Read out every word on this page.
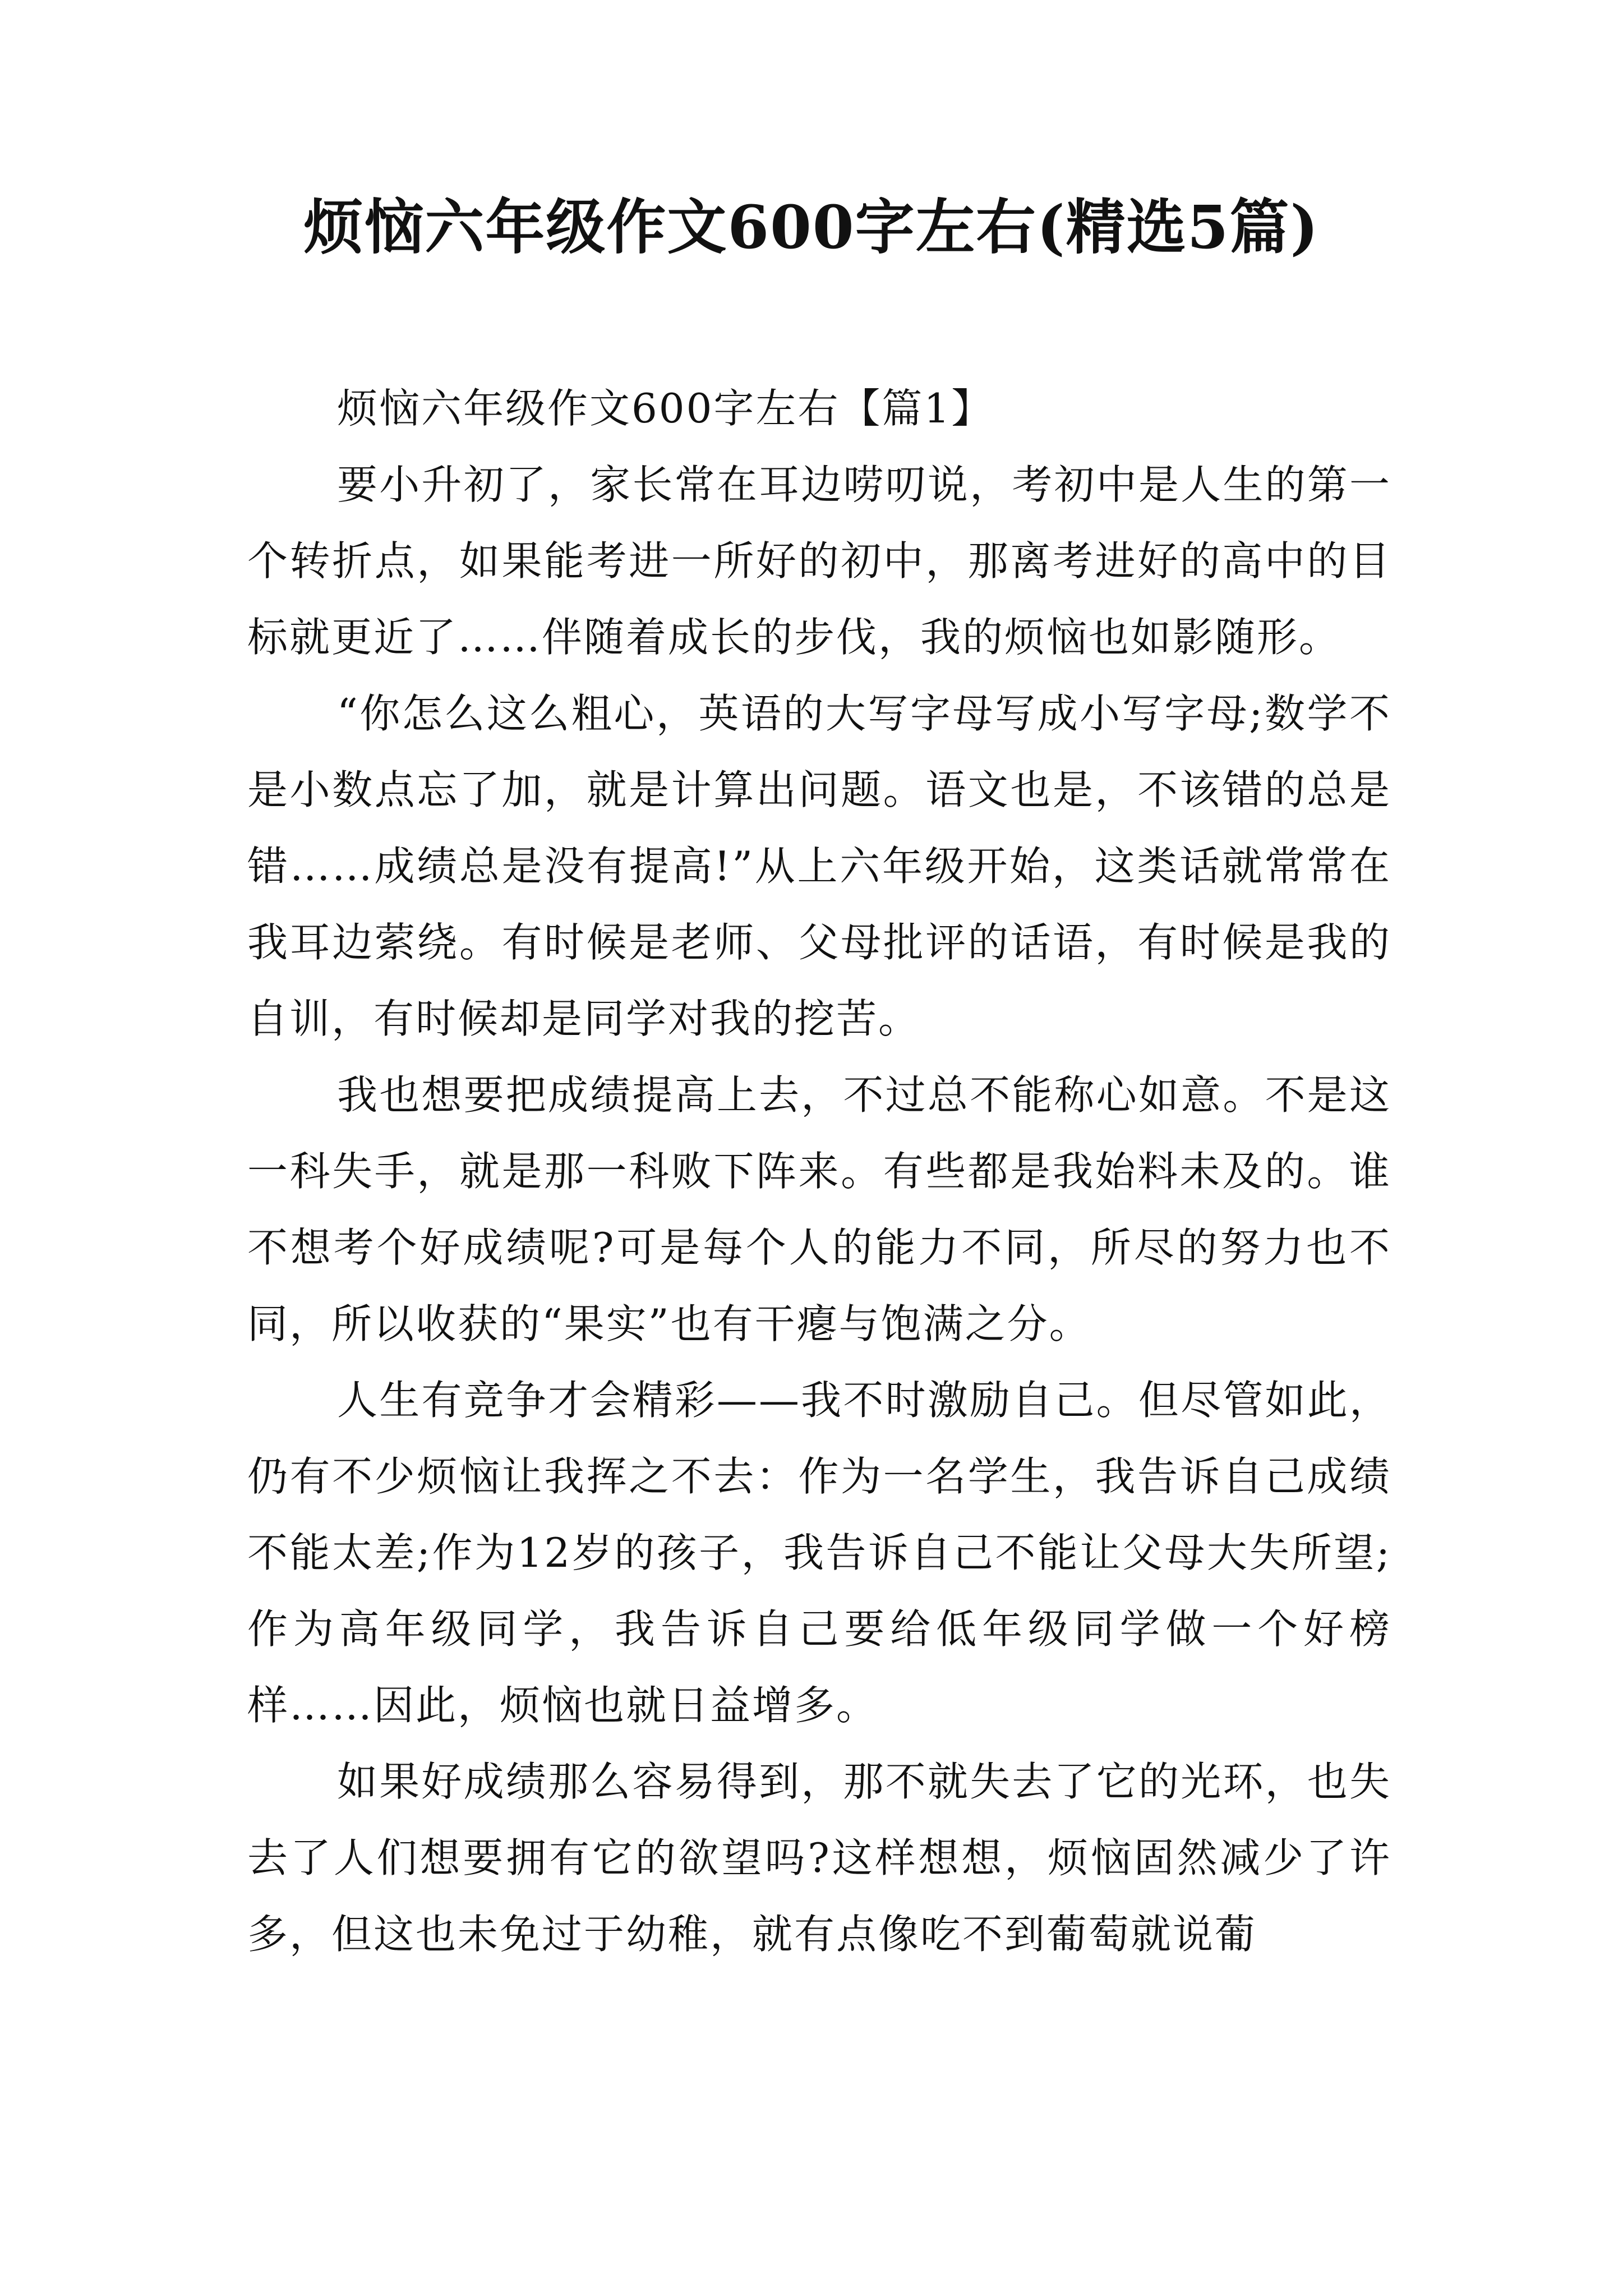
烦恼六年级作文600字左右(精选5篇)

烦恼六年级作文600字左右【篇1】

要小升初了，家长常在耳边唠叨说，考初中是人生的第一个转折点，如果能考进一所好的初中，那离考进好的高中的目标就更近了……伴随着成长的步伐，我的烦恼也如影随形。

“你怎么这么粗心，英语的大写字母写成小写字母;数学不是小数点忘了加，就是计算出问题。语文也是，不该错的总是错……成绩总是没有提高!”从上六年级开始，这类话就常常在我耳边萦绕。有时候是老师、父母批评的话语，有时候是我的自训，有时候却是同学对我的挖苦。

我也想要把成绩提高上去，不过总不能称心如意。不是这一科失手，就是那一科败下阵来。有些都是我始料未及的。谁不想考个好成绩呢?可是每个人的能力不同，所尽的努力也不同，所以收获的“果实”也有干瘪与饱满之分。

人生有竞争才会精彩——我不时激励自己。但尽管如此，仍有不少烦恼让我挥之不去：作为一名学生，我告诉自己成绩不能太差;作为12岁的孩子，我告诉自己不能让父母大失所望;作为高年级同学，我告诉自己要给低年级同学做一个好榜样……因此，烦恼也就日益增多。

如果好成绩那么容易得到，那不就失去了它的光环，也失去了人们想要拥有它的欲望吗?这样想想，烦恼固然减少了许多，但这也未免过于幼稚，就有点像吃不到葡萄就说葡
